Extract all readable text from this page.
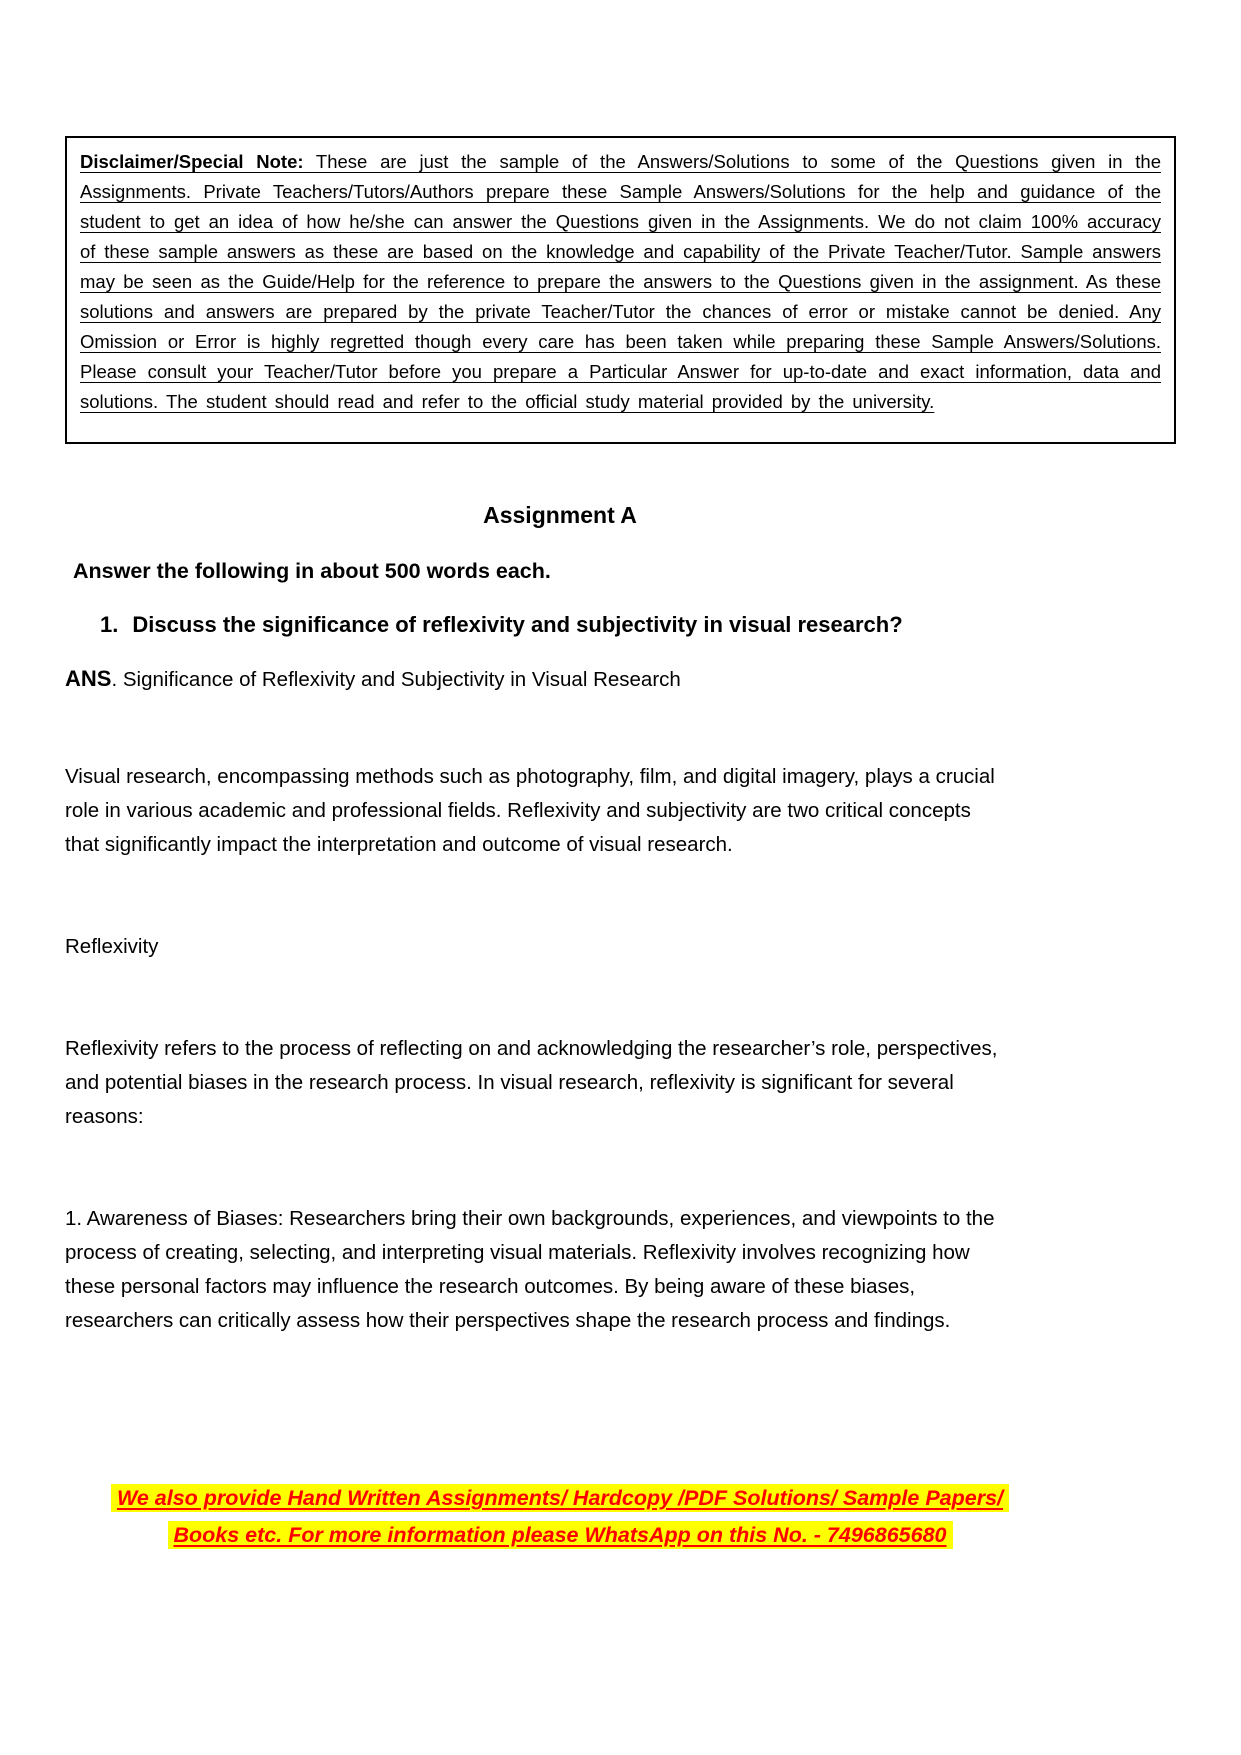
Disclaimer/Special Note: These are just the sample of the Answers/Solutions to some of the Questions given in the Assignments. Private Teachers/Tutors/Authors prepare these Sample Answers/Solutions for the help and guidance of the student to get an idea of how he/she can answer the Questions given in the Assignments. We do not claim 100% accuracy of these sample answers as these are based on the knowledge and capability of the Private Teacher/Tutor. Sample answers may be seen as the Guide/Help for the reference to prepare the answers to the Questions given in the assignment. As these solutions and answers are prepared by the private Teacher/Tutor the chances of error or mistake cannot be denied. Any Omission or Error is highly regretted though every care has been taken while preparing these Sample Answers/Solutions. Please consult your Teacher/Tutor before you prepare a Particular Answer for up-to-date and exact information, data and solutions. The student should read and refer to the official study material provided by the university.

Assignment A

Answer the following in about 500 words each.

1. Discuss the significance of reflexivity and subjectivity in visual research?

ANS. Significance of Reflexivity and Subjectivity in Visual Research

Visual research, encompassing methods such as photography, film, and digital imagery, plays a crucial role in various academic and professional fields. Reflexivity and subjectivity are two critical concepts that significantly impact the interpretation and outcome of visual research.

Reflexivity

Reflexivity refers to the process of reflecting on and acknowledging the researcher’s role, perspectives, and potential biases in the research process. In visual research, reflexivity is significant for several reasons:

1. Awareness of Biases: Researchers bring their own backgrounds, experiences, and viewpoints to the process of creating, selecting, and interpreting visual materials. Reflexivity involves recognizing how these personal factors may influence the research outcomes. By being aware of these biases, researchers can critically assess how their perspectives shape the research process and findings.

We also provide Hand Written Assignments/ Hardcopy /PDF Solutions/ Sample Papers/

Books etc. For more information please WhatsApp on this No. - 7496865680
